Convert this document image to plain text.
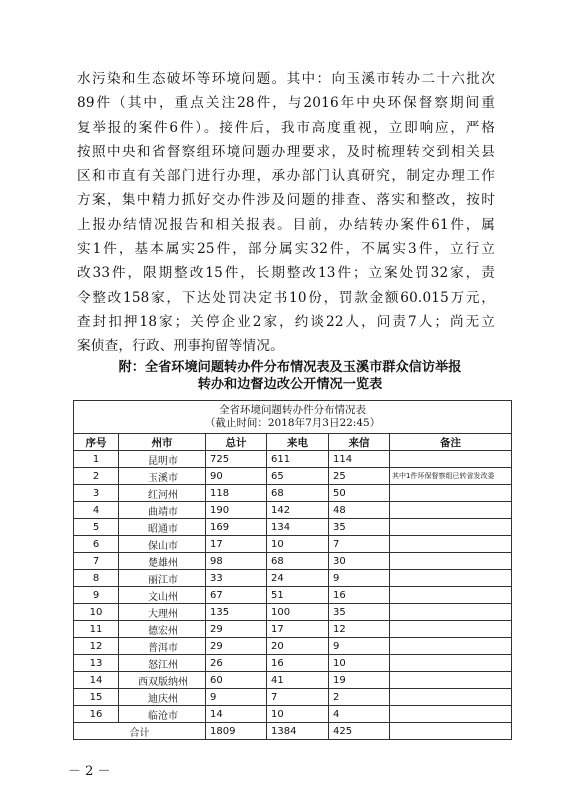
水污染和生态破坏等环境问题。其中：向玉溪市转办二十六批次
89件（其中，重点关注28件，与2016年中央环保督察期间重
复举报的案件6件）。接件后，我市高度重视，立即响应，严格
按照中央和省督察组环境问题办理要求，及时梳理转交到相关县
区和市直有关部门进行办理，承办部门认真研究，制定办理工作
方案，集中精力抓好交办件涉及问题的排查、落实和整改，按时
上报办结情况报告和相关报表。目前，办结转办案件61件，属
实1件，基本属实25件，部分属实32件，不属实3件，立行立
改33件，限期整改15件，长期整改13件；立案处罚32家，责
令整改158家，下达处罚决定书10份，罚款金额60.015万元，
查封扣押18家；关停企业2家，约谈22人，问责7人；尚无立
案侦查，行政、刑事拘留等情况。
附：全省环境问题转办件分布情况表及玉溪市群众信访举报
转办和边督边改公开情况一览表
全省环境问题转办件分布情况表
（截止时间：2018年7月3日22:45）					

序号	州市	总计	来电	来信	备注
1	昆明市	725	611	114	
2	玉溪市	90	65	25	其中1件环保督察组已转省发改委
3	红河州	118	68	50	
4	曲靖市	190	142	48	
5	昭通市	169	134	35	
6	保山市	17	10	7	
7	楚雄州	98	68	30	
8	丽江市	33	24	9	
9	文山州	67	51	16	
10	大理州	135	100	35	
11	德宏州	29	17	12	
12	普洱市	29	20	9	
13	怒江州	26	16	10	
14	西双版纳州	60	41	19	
15	迪庆州	9	7	2	
16	临沧市	14	10	4	
合计		1809	1384	425	
－ 2 －
